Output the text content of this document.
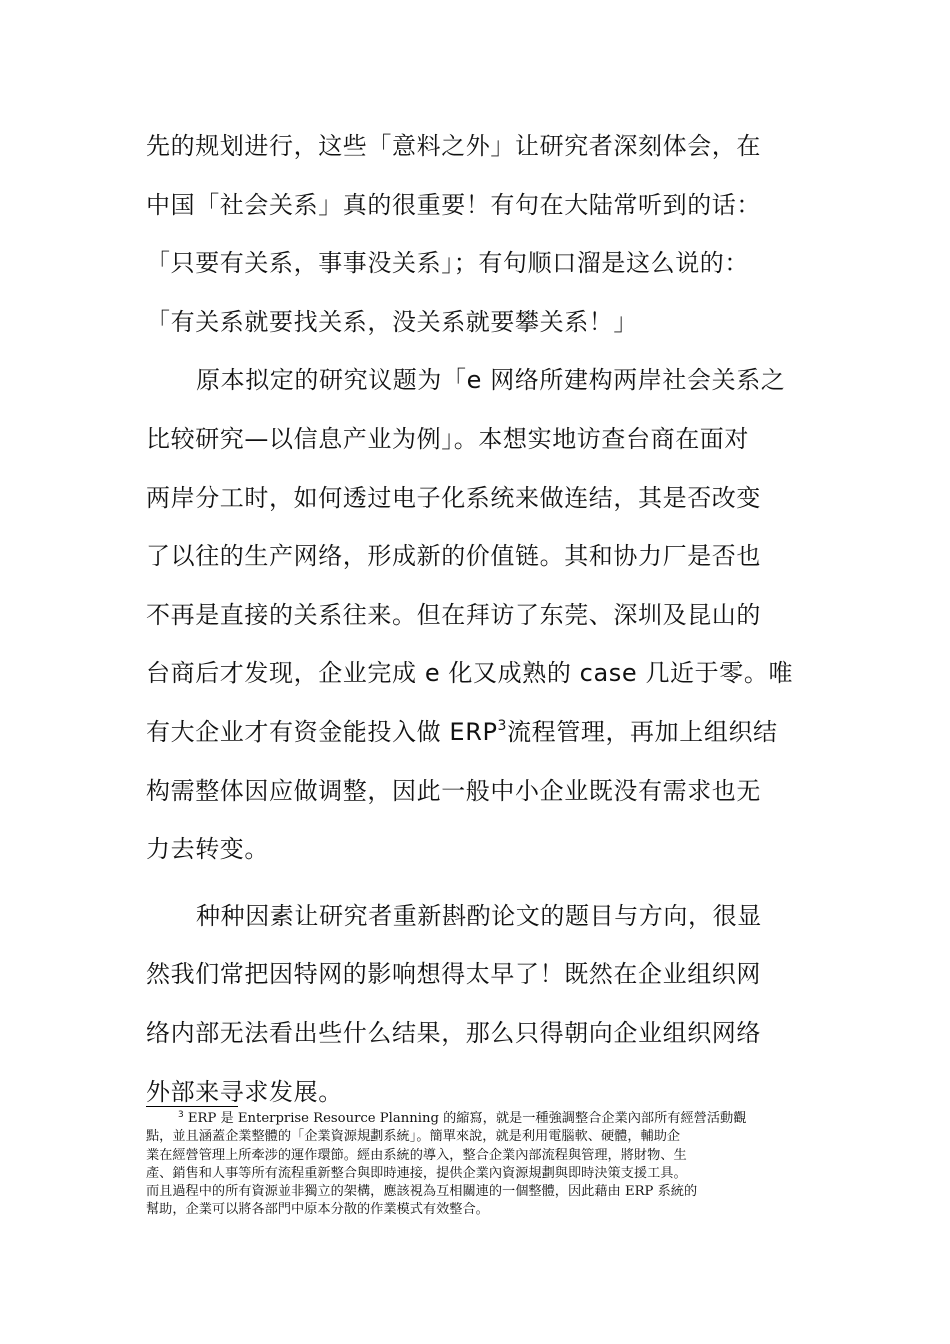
先的规划进行，这些「意料之外」让研究者深刻体会，在
中国「社会关系」真的很重要！有句在大陆常听到的话：
「只要有关系，事事没关系」；有句顺口溜是这么说的：
「有关系就要找关系，没关系就要攀关系！」

原本拟定的研究议题为「e 网络所建构两岸社会关系之
比较研究—以信息产业为例」。本想实地访查台商在面对
两岸分工时，如何透过电子化系统来做连结，其是否改变
了以往的生产网络，形成新的价值链。其和协力厂是否也
不再是直接的关系往来。但在拜访了东莞、深圳及昆山的
台商后才发现，企业完成 e 化又成熟的 case 几近于零。唯
有大企业才有资金能投入做 ERP$^3$流程管理，再加上组织结
构需整体因应做调整，因此一般中小企业既没有需求也无
力去转变。

种种因素让研究者重新斟酌论文的题目与方向，很显
然我们常把因特网的影响想得太早了！既然在企业组织网
络内部无法看出些什么结果，那么只得朝向企业组织网络
外部来寻求发展。

$^3$ ERP 是 Enterprise Resource Planning 的縮寫，就是一種強調整合企業內部所有經營活動觀
點，並且涵蓋企業整體的「企業資源規劃系統」。簡單來說，就是利用電腦軟、硬體，輔助企
業在經營管理上所牽涉的運作環節。經由系統的導入，整合企業內部流程與管理，將財物、生
產、銷售和人事等所有流程重新整合與即時連接，提供企業內資源規劃與即時決策支援工具。
而且過程中的所有資源並非獨立的架構，應該視為互相關連的一個整體，因此藉由 ERP 系統的
幫助，企業可以將各部門中原本分散的作業模式有效整合。
